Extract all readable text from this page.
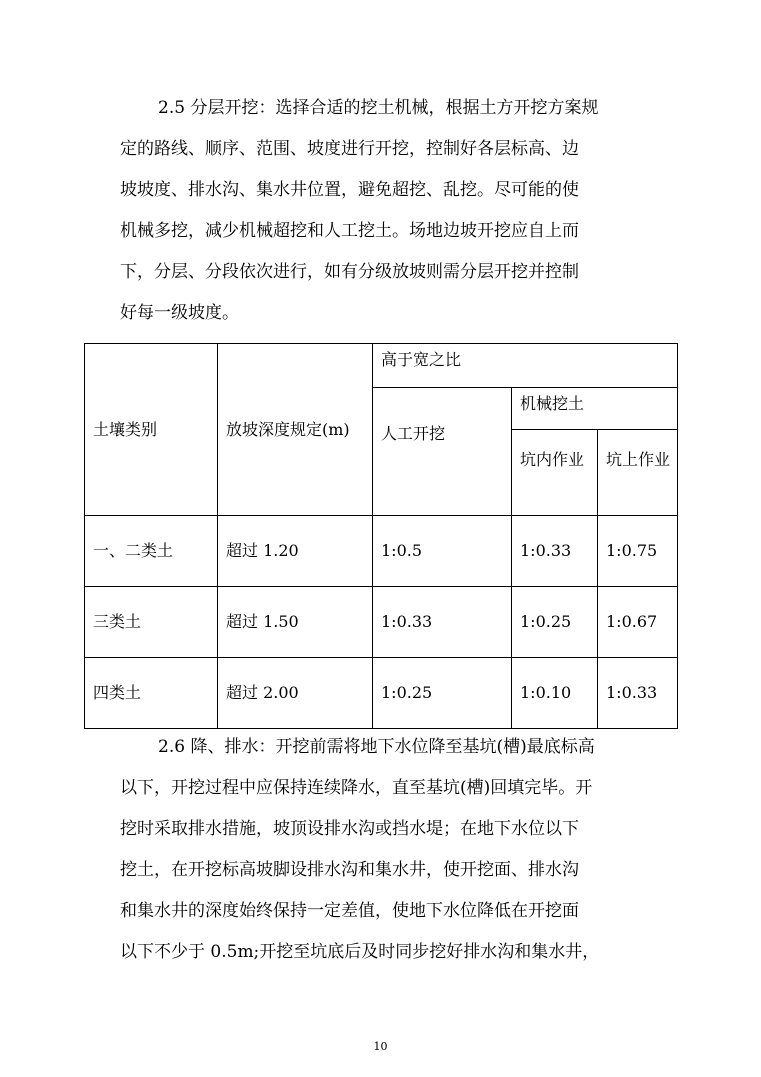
2.5 分层开挖：选择合适的挖土机械，根据土方开挖方案规
定的路线、顺序、范围、坡度进行开挖，控制好各层标高、边
坡坡度、排水沟、集水井位置，避免超挖、乱挖。尽可能的使
机械多挖，减少机械超挖和人工挖土。场地边坡开挖应自上而
下，分层、分段依次进行，如有分级放坡则需分层开挖并控制
好每一级坡度。
土壤类别	放坡深度规定(m)	高于宽之比		
		人工开挖	机械挖土	

			坑内作业	坑上作业

一、二类土	超过 1.20	1:0.5	1:0.33	1:0.75
三类土	超过 1.50	1:0.33	1:0.25	1:0.67
四类土	超过 2.00	1:0.25	1:0.10	1:0.33
2.6 降、排水：开挖前需将地下水位降至基坑(槽)最底标高
以下，开挖过程中应保持连续降水，直至基坑(槽)回填完毕。开
挖时采取排水措施，坡顶设排水沟或挡水堤；在地下水位以下
挖土，在开挖标高坡脚设排水沟和集水井，使开挖面、排水沟
和集水井的深度始终保持一定差值，使地下水位降低在开挖面
以下不少于 0.5m;开挖至坑底后及时同步挖好排水沟和集水井，
10
